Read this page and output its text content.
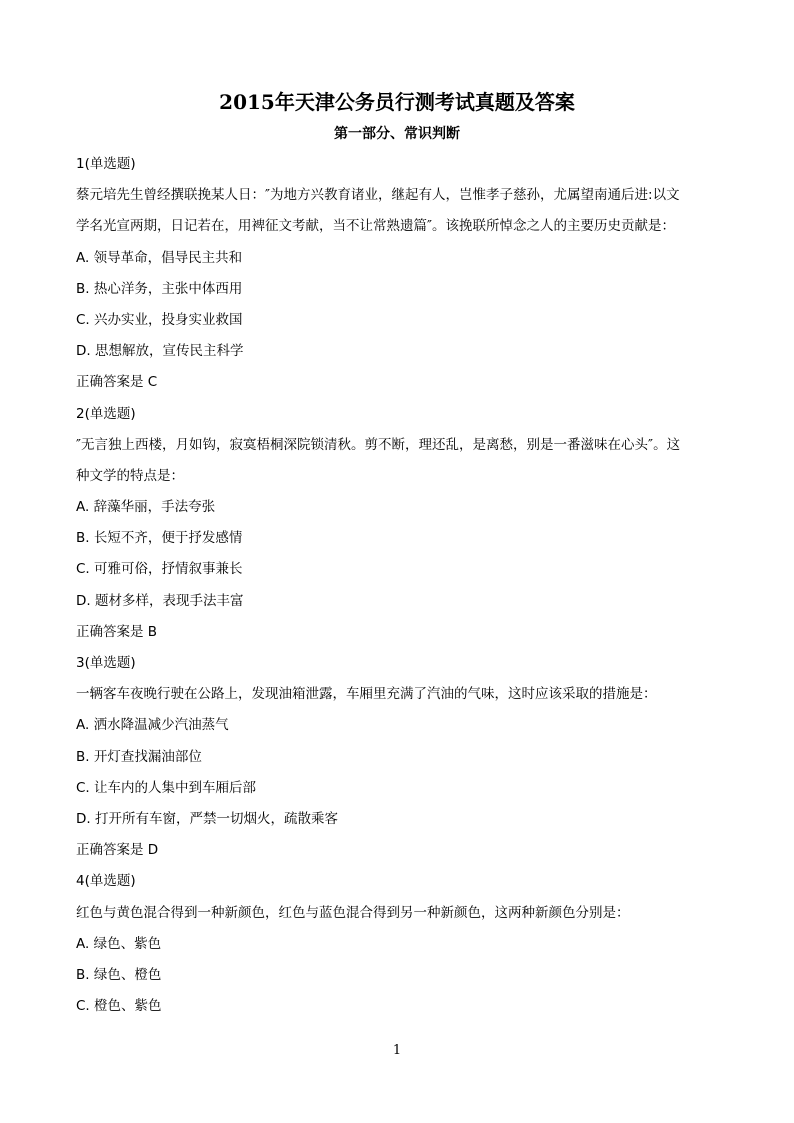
2015年天津公务员行测考试真题及答案
第一部分、常识判断
1(单选题)
蔡元培先生曾经撰联挽某人日：″为地方兴教育诸业，继起有人，岂惟孝子慈孙，尤属望南通后进:以文
学名光宣两期，日记若在，用裨征文考献，当不让常熟遗篇″。该挽联所悼念之人的主要历史贡献是：
A. 领导革命，倡导民主共和
B. 热心洋务，主张中体西用
C. 兴办实业，投身实业救国
D. 思想解放，宣传民主科学
正确答案是 C
2(单选题)
″无言独上西楼，月如钩，寂寞梧桐深院锁清秋。剪不断，理还乱，是离愁，别是一番滋味在心头″。这
种文学的特点是：
A. 辞藻华丽，手法夸张
B. 长短不齐，便于抒发感情
C. 可雅可俗，抒情叙事兼长
D. 题材多样，表现手法丰富
正确答案是 B
3(单选题)
一辆客车夜晚行驶在公路上，发现油箱泄露，车厢里充满了汽油的气味，这时应该采取的措施是：
A. 洒水降温减少汽油蒸气
B. 开灯查找漏油部位
C. 让车内的人集中到车厢后部
D. 打开所有车窗，严禁一切烟火，疏散乘客
正确答案是 D
4(单选题)
红色与黄色混合得到一种新颜色，红色与蓝色混合得到另一种新颜色，这两种新颜色分别是：
A. 绿色、紫色
B. 绿色、橙色
C. 橙色、紫色
1
